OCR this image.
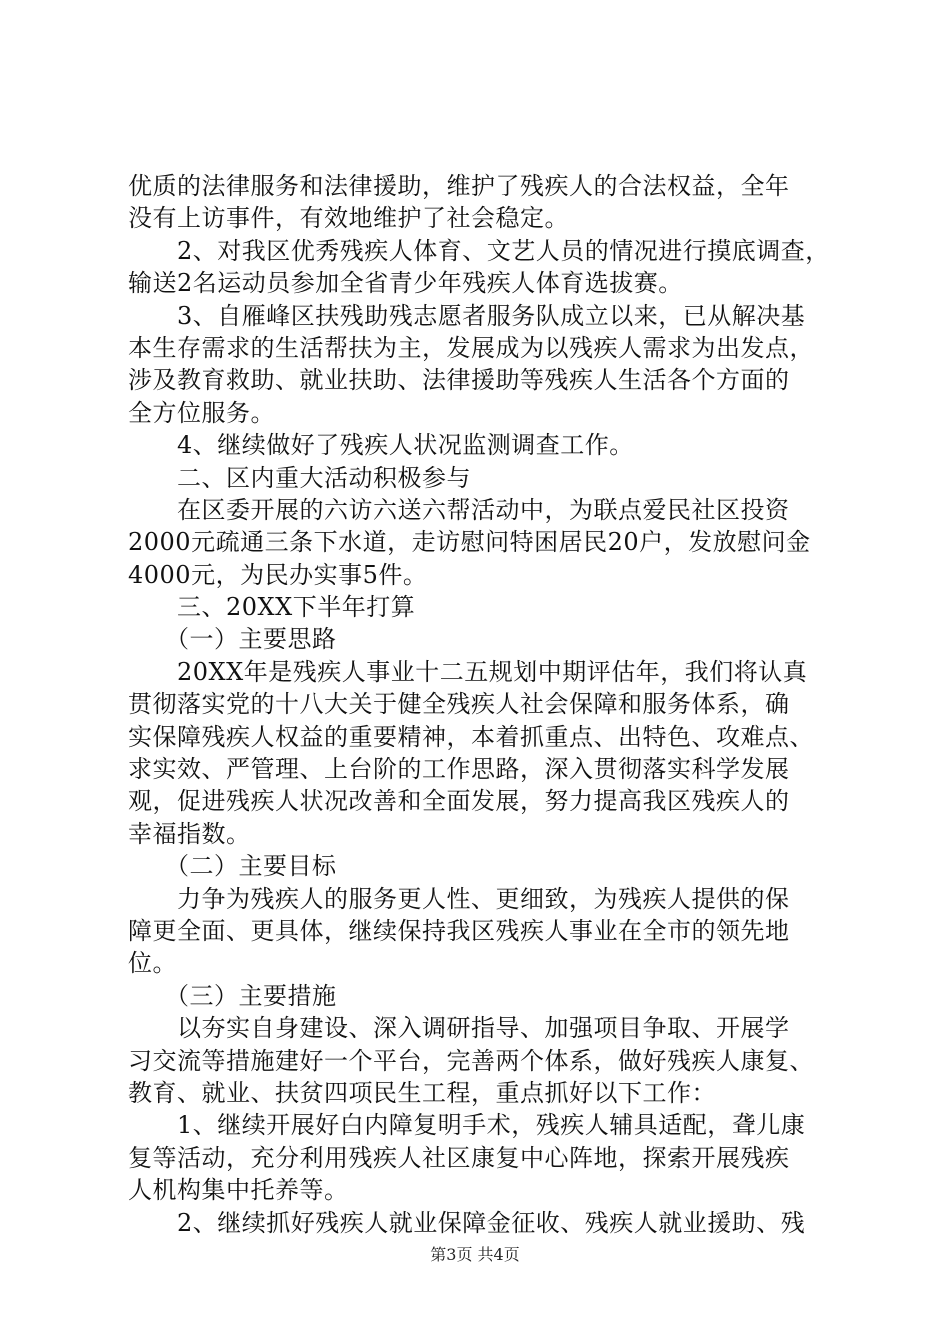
优质的法律服务和法律援助，维护了残疾人的合法权益，全年
没有上访事件，有效地维护了社会稳定。
　　2、对我区优秀残疾人体育、文艺人员的情况进行摸底调查，
输送2名运动员参加全省青少年残疾人体育选拔赛。
　　3、自雁峰区扶残助残志愿者服务队成立以来，已从解决基
本生存需求的生活帮扶为主，发展成为以残疾人需求为出发点，
涉及教育救助、就业扶助、法律援助等残疾人生活各个方面的
全方位服务。
　　4、继续做好了残疾人状况监测调查工作。
　　二、区内重大活动积极参与
　　在区委开展的六访六送六帮活动中，为联点爱民社区投资
2000元疏通三条下水道，走访慰问特困居民20户，发放慰问金
4000元，为民办实事5件。
　　三、20XX下半年打算
　　（一）主要思路
　　20XX年是残疾人事业十二五规划中期评估年，我们将认真
贯彻落实党的十八大关于健全残疾人社会保障和服务体系，确
实保障残疾人权益的重要精神，本着抓重点、出特色、攻难点、
求实效、严管理、上台阶的工作思路，深入贯彻落实科学发展
观，促进残疾人状况改善和全面发展，努力提高我区残疾人的
幸福指数。
　　（二）主要目标
　　力争为残疾人的服务更人性、更细致，为残疾人提供的保
障更全面、更具体，继续保持我区残疾人事业在全市的领先地
位。
　　（三）主要措施
　　以夯实自身建设、深入调研指导、加强项目争取、开展学
习交流等措施建好一个平台，完善两个体系，做好残疾人康复、
教育、就业、扶贫四项民生工程，重点抓好以下工作：
　　1、继续开展好白内障复明手术，残疾人辅具适配，聋儿康
复等活动，充分利用残疾人社区康复中心阵地，探索开展残疾
人机构集中托养等。
　　2、继续抓好残疾人就业保障金征收、残疾人就业援助、残
第3页 共4页
